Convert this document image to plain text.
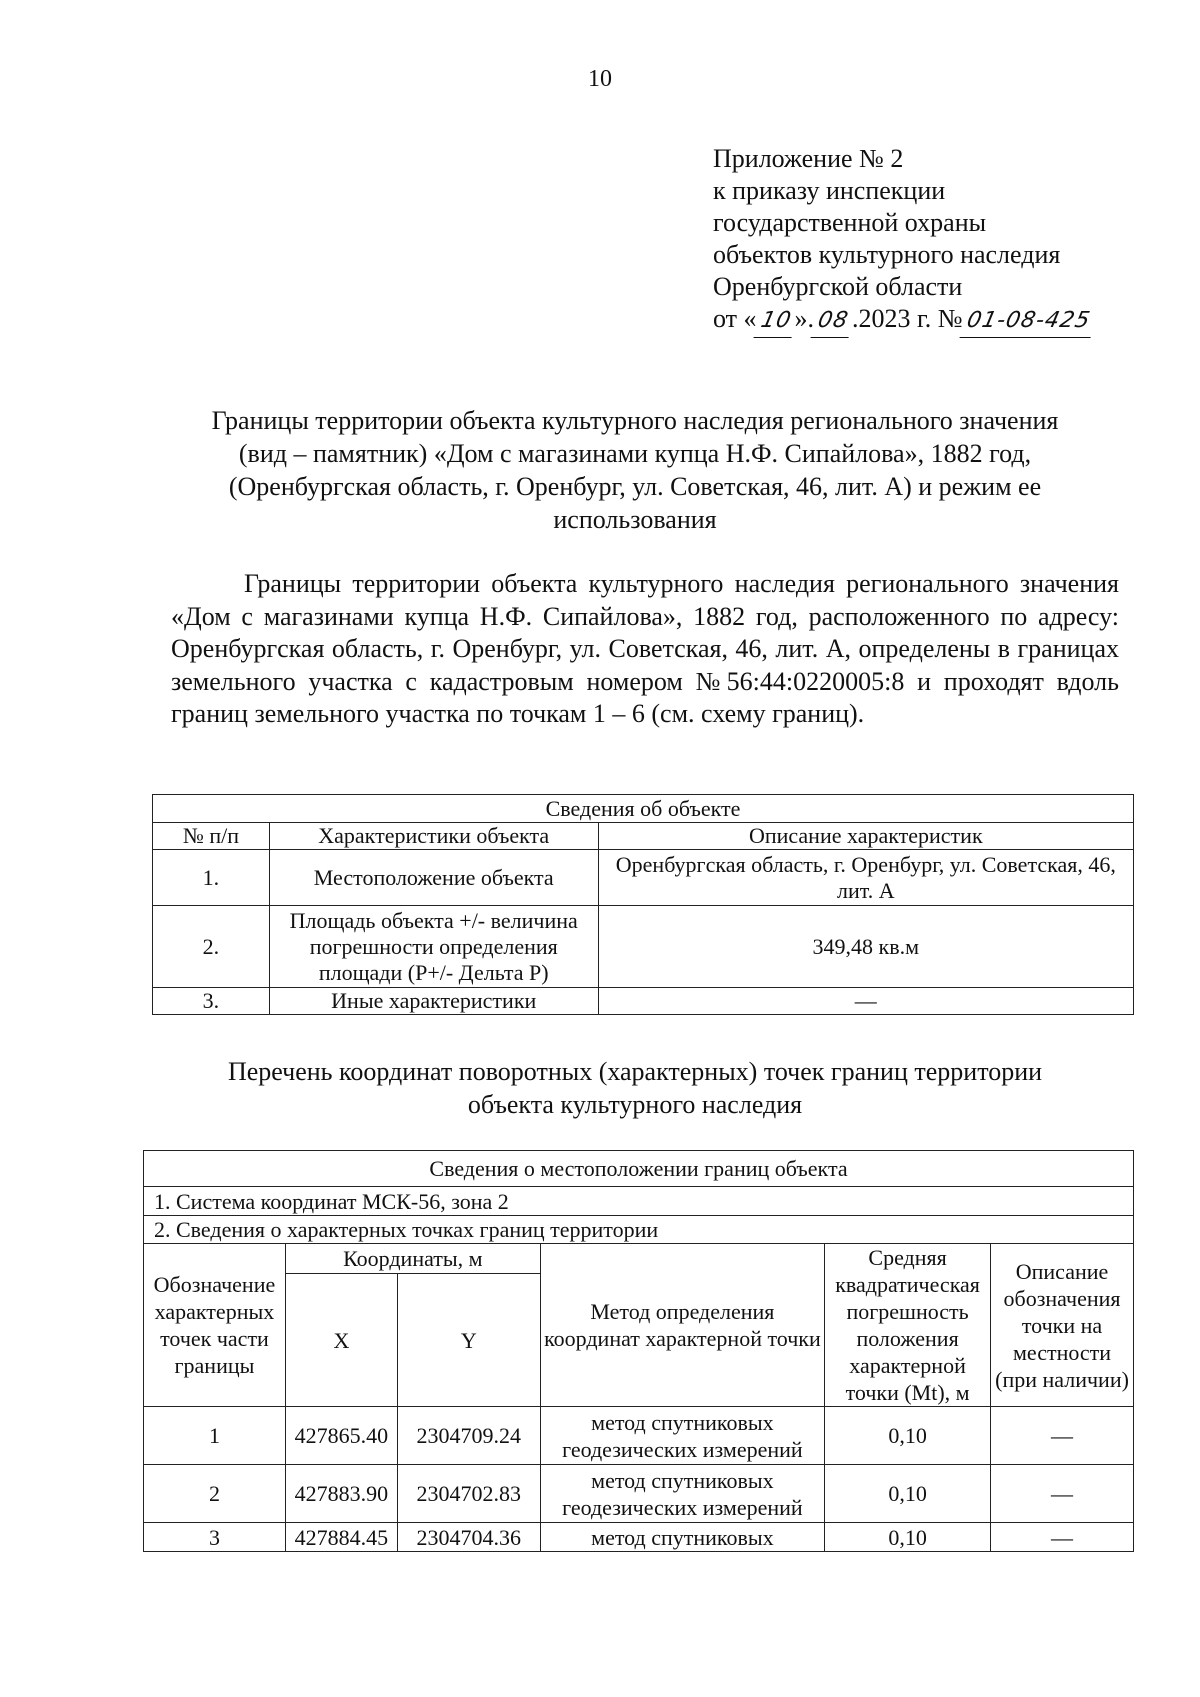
10
Приложение № 2
к приказу инспекции
государственной охраны
объектов культурного наследия
Оренбургской области
от «10».08.2023 г. №01-08-425
Границы территории объекта культурного наследия регионального значения
(вид – памятник) «Дом с магазинами купца Н.Ф. Сипайлова», 1882 год,
(Оренбургская область, г. Оренбург, ул. Советская, 46, лит. А) и режим ее
использования
Границы территории объекта культурного наследия регионального значения «Дом с магазинами купца Н.Ф. Сипайлова», 1882 год, расположенного по адресу: Оренбургская область, г. Оренбург, ул. Советская, 46, лит. А, определены в границах земельного участка с кадастровым номером №56:44:0220005:8 и проходят вдоль границ земельного участка по точкам 1 – 6 (см. схему границ).
Сведения об объекте		
№ п/п	Характеристики объекта	Описание характеристик
1.	Местоположение объекта	Оренбургская область, г. Оренбург, ул. Советская, 46, лит. А
2.	Площадь объекта +/- величина погрешности определения площади (Р+/- Дельта Р)	349,48 кв.м
3.	Иные характеристики	—
Перечень координат поворотных (характерных) точек границ территории
объекта культурного наследия
Сведения о местоположении границ объекта					
1. Система координат МСК-56, зона 2					
2. Сведения о характерных точках границ территории					
Обозначение характерных точек части границы	Координаты, м		Метод определения координат характерной точки	Средняя квадратическая погрешность положения характерной точки (Mt), м	Описание обозначения точки на местности (при наличии)
	X	Y			
1	427865.40	2304709.24	метод спутниковых геодезических измерений	0,10	—
2	427883.90	2304702.83	метод спутниковых геодезических измерений	0,10	—
3	427884.45	2304704.36	метод спутниковых	0,10	—
